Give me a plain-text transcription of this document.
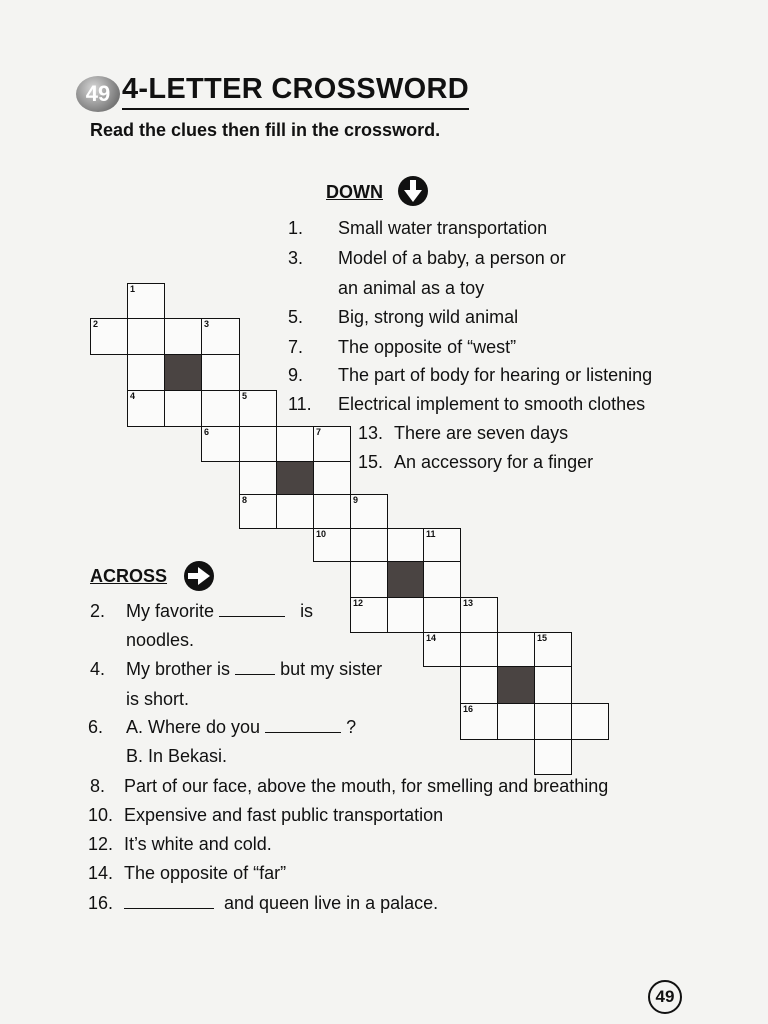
49 4-LETTER CROSSWORD
Read the clues then fill in the crossword.
DOWN
1. Small water transportation
3. Model of a baby, a person or
an animal as a toy
5. Big, strong wild animal
7. The opposite of “west”
9. The part of body for hearing or listening
11. Electrical implement to smooth clothes
13. There are seven days
15. An accessory for a finger
1
2	3
4	5
6	7
8	9
10	11
12	13
14	15
16
ACROSS
2. My favorite	is
noodles.
4. My brother is	but my sister
is short.
6. A. Where do you	?
B. In Bekasi.
8. Part of our face, above the mouth, for smelling and breathing
10. Expensive and fast public transportation
12. It’s white and cold.
14. The opposite of “far”
16.	and queen live in a palace.
49
